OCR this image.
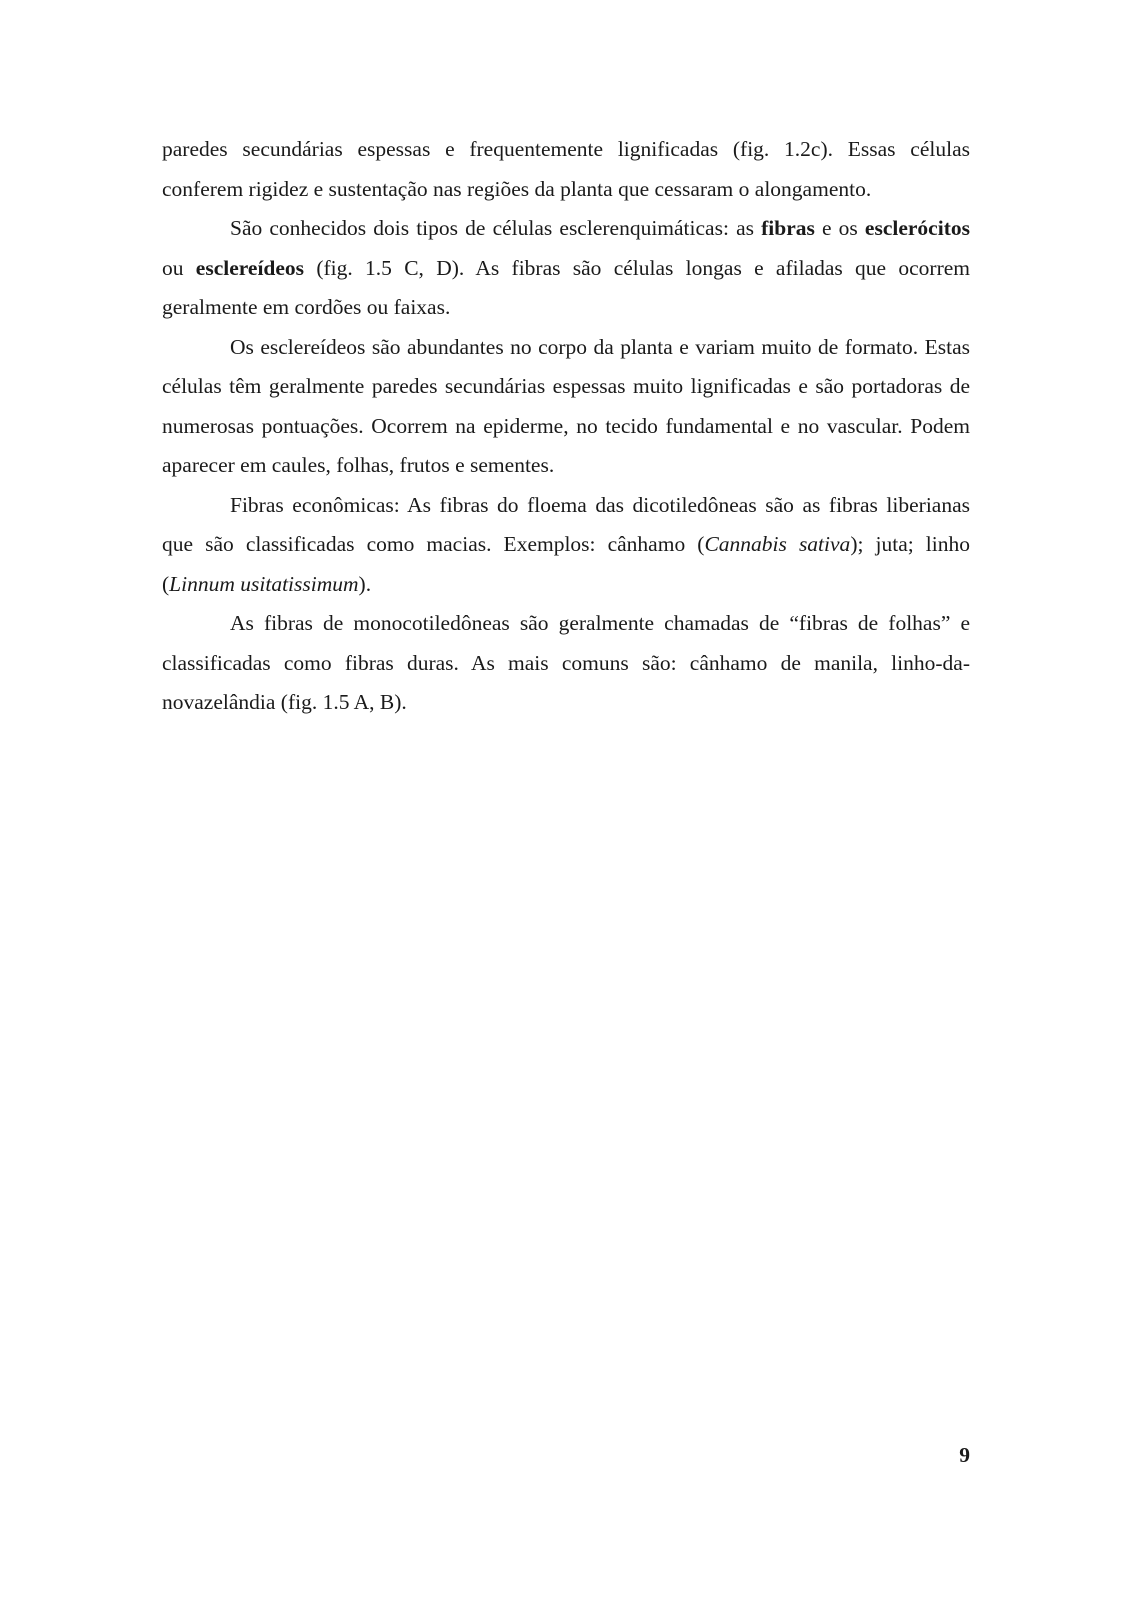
paredes secundárias espessas e frequentemente lignificadas (fig. 1.2c). Essas células conferem rigidez e sustentação nas regiões da planta que cessaram o alongamento.

São conhecidos dois tipos de células esclerenquimáticas: as fibras e os esclerócitos ou esclereídeos (fig. 1.5 C, D). As fibras são células longas e afiladas que ocorrem geralmente em cordões ou faixas.

Os esclereídeos são abundantes no corpo da planta e variam muito de formato. Estas células têm geralmente paredes secundárias espessas muito lignificadas e são portadoras de numerosas pontuações. Ocorrem na epiderme, no tecido fundamental e no vascular. Podem aparecer em caules, folhas, frutos e sementes.

Fibras econômicas: As fibras do floema das dicotiledôneas são as fibras liberianas que são classificadas como macias. Exemplos: cânhamo (Cannabis sativa); juta; linho (Linnum usitatissimum).

As fibras de monocotiledôneas são geralmente chamadas de “fibras de folhas” e classificadas como fibras duras. As mais comuns são: cânhamo de manila, linho-da-novazelândia (fig. 1.5 A, B).

9
